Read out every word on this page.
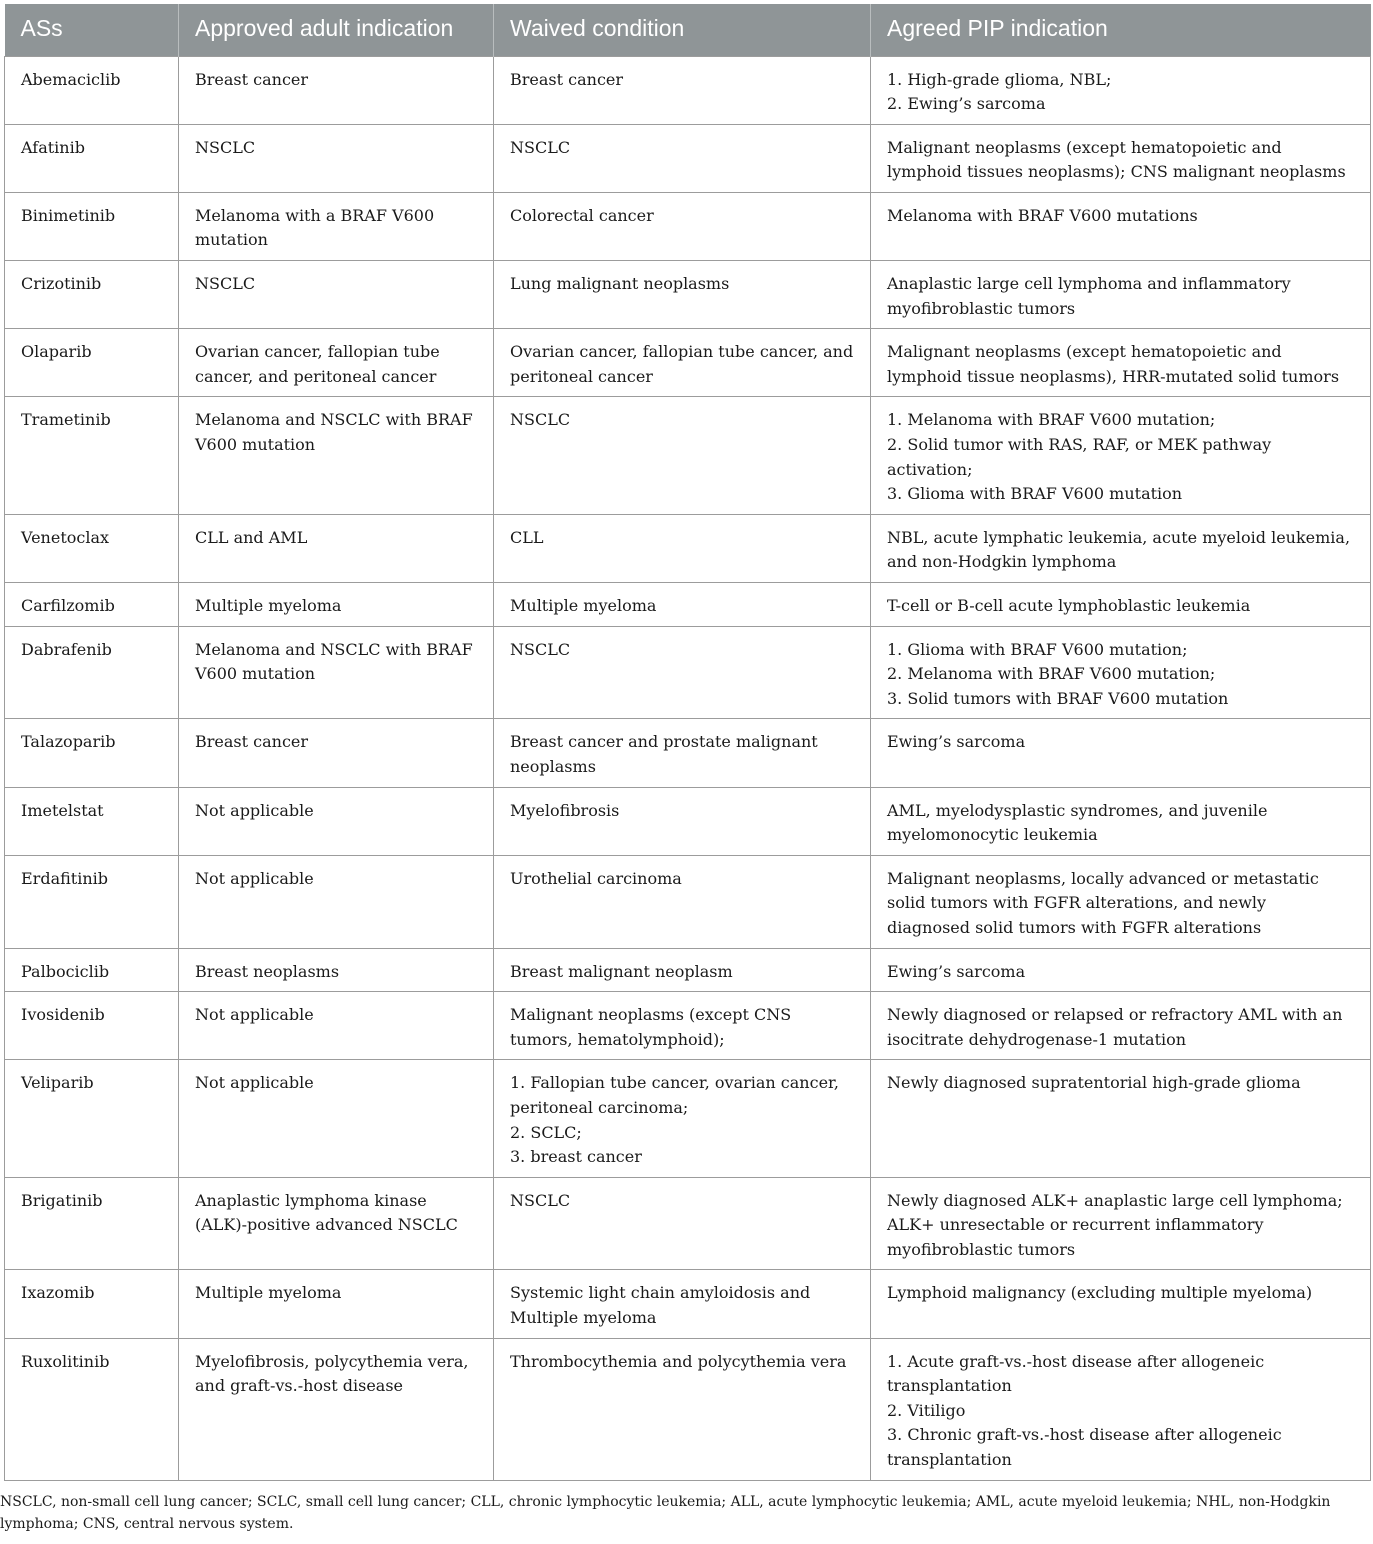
ASs	Approved adult indication	Waived condition	Agreed PIP indication
Abemaciclib	Breast cancer	Breast cancer	1. High-grade glioma, NBL;
2. Ewing’s sarcoma

Afatinib	NSCLC	NSCLC	Malignant neoplasms (except hematopoietic and lymphoid tissues neoplasms); CNS malignant neoplasms
Binimetinib	Melanoma with a BRAF V600 mutation	Colorectal cancer	Melanoma with BRAF V600 mutations
Crizotinib	NSCLC	Lung malignant neoplasms	Anaplastic large cell lymphoma and inflammatory myofibroblastic tumors
Olaparib	Ovarian cancer, fallopian tube cancer, and peritoneal cancer	Ovarian cancer, fallopian tube cancer, and peritoneal cancer	Malignant neoplasms (except hematopoietic and lymphoid tissue neoplasms), HRR-mutated solid tumors
Trametinib	Melanoma and NSCLC with BRAF V600 mutation	NSCLC	1. Melanoma with BRAF V600 mutation;
2. Solid tumor with RAS, RAF, or MEK pathway activation;
3. Glioma with BRAF V600 mutation

Venetoclax	CLL and AML	CLL	NBL, acute lymphatic leukemia, acute myeloid leukemia, and non-Hodgkin lymphoma
Carfilzomib	Multiple myeloma	Multiple myeloma	T-cell or B-cell acute lymphoblastic leukemia
Dabrafenib	Melanoma and NSCLC with BRAF V600 mutation	NSCLC	1. Glioma with BRAF V600 mutation;
2. Melanoma with BRAF V600 mutation;
3. Solid tumors with BRAF V600 mutation

Talazoparib	Breast cancer	Breast cancer and prostate malignant neoplasms	Ewing’s sarcoma
Imetelstat	Not applicable	Myelofibrosis	AML, myelodysplastic syndromes, and juvenile myelomonocytic leukemia
Erdafitinib	Not applicable	Urothelial carcinoma	Malignant neoplasms, locally advanced or metastatic solid tumors with FGFR alterations, and newly diagnosed solid tumors with FGFR alterations
Palbociclib	Breast neoplasms	Breast malignant neoplasm	Ewing’s sarcoma
Ivosidenib	Not applicable	Malignant neoplasms (except CNS tumors, hematolymphoid);	Newly diagnosed or relapsed or refractory AML with an isocitrate dehydrogenase-1 mutation
Veliparib	Not applicable	1. Fallopian tube cancer, ovarian cancer, peritoneal carcinoma;
2. SCLC;
3. breast cancer	Newly diagnosed supratentorial high-grade glioma
Brigatinib	Anaplastic lymphoma kinase (ALK)-positive advanced NSCLC	NSCLC	Newly diagnosed ALK+ anaplastic large cell lymphoma; ALK+ unresectable or recurrent inflammatory myofibroblastic tumors
Ixazomib	Multiple myeloma	Systemic light chain amyloidosis and Multiple myeloma	Lymphoid malignancy (excluding multiple myeloma)
Ruxolitinib	Myelofibrosis, polycythemia vera, and graft-vs.-host disease	Thrombocythemia and polycythemia vera	1. Acute graft-vs.-host disease after allogeneic transplantation
2. Vitiligo
3. Chronic graft-vs.-host disease after allogeneic transplantation
NSCLC, non-small cell lung cancer; SCLC, small cell lung cancer; CLL, chronic lymphocytic leukemia; ALL, acute lymphocytic leukemia; AML, acute myeloid leukemia; NHL, non-Hodgkin lymphoma; CNS, central nervous system.
